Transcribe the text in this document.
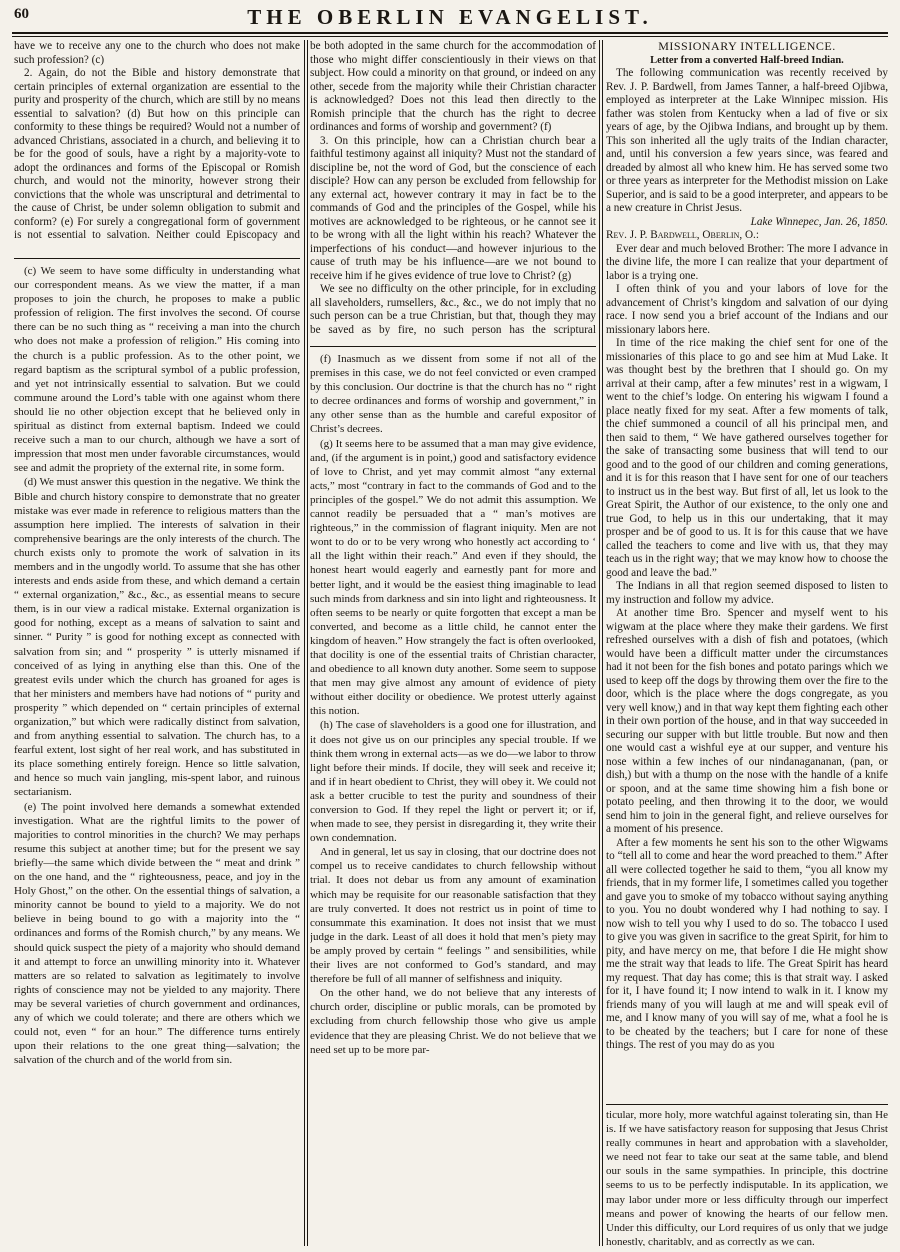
60	THE OBERLIN EVANGELIST.

have we to receive any one to the church who does not make such profession? (c)

2. Again, do not the Bible and history demonstrate that certain principles of external organization are essential to the purity and prosperity of the church, which are still by no means essential to salvation? (d) But how on this principle can conformity to these things be required? Would not a number of advanced Christians, associated in a church, and believing it to be for the good of souls, have a right by a majority-vote to adopt the ordinances and forms of the Episcopal or Romish church, and would not the minority, however strong their convictions that the whole was unscriptural and detrimental to the cause of Christ, be under solemn obligation to submit and conform? (e) For surely a congregational form of government is not essential to salvation. Neither could Episcopacy and

(c) We seem to have some difficulty in understanding what our correspondent means. As we view the matter, if a man proposes to join the church, he proposes to make a public profession of religion. The first involves the second. Of course there can be no such thing as “ receiving a man into the church who does not make a profession of religion.” His coming into the church is a public profession. As to the other point, we regard baptism as the scriptural symbol of a public profession, and yet not intrinsically essential to salvation. But we could commune around the Lord’s table with one against whom there should lie no other objection except that he believed only in spiritual as distinct from external baptism. Indeed we could receive such a man to our church, although we have a sort of impression that most men under favorable circumstances, would see and admit the propriety of the external rite, in some form.

(d) We must answer this question in the negative. We think the Bible and church history conspire to demonstrate that no greater mistake was ever made in reference to religious matters than the assumption here implied. The interests of salvation in their comprehensive bearings are the only interests of the church. The church exists only to promote the work of salvation in its members and in the ungodly world. To assume that she has other interests and ends aside from these, and which demand a certain “ external organization,” &c., &c., as essential means to secure them, is in our view a radical mistake. External organization is good for nothing, except as a means of salvation to saint and sinner. “ Purity ” is good for nothing except as connected with salvation from sin; and “ prosperity ” is utterly misnamed if conceived of as lying in anything else than this. One of the greatest evils under which the church has groaned for ages is that her ministers and members have had notions of “ purity and prosperity ” which depended on “ certain principles of external organization,” but which were radically distinct from salvation, and from anything essential to salvation. The church has, to a fearful extent, lost sight of her real work, and has substituted in its place something entirely foreign. Hence so little salvation, and hence so much vain jangling, mis-spent labor, and ruinous sectarianism.

(e) The point involved here demands a somewhat extended investigation. What are the rightful limits to the power of majorities to control minorities in the church? We may perhaps resume this subject at another time; but for the present we say briefly—the same which divide between the “ meat and drink ” on the one hand, and the “ righteousness, peace, and joy in the Holy Ghost,” on the other. On the essential things of salvation, a minority cannot be bound to yield to a majority. We do not believe in being bound to go with a majority into the “ ordinances and forms of the Romish church,” by any means. We should quick suspect the piety of a majority who should demand it and attempt to force an unwilling minority into it. Whatever matters are so related to salvation as legitimately to involve rights of conscience may not be yielded to any majority. There may be several varieties of church government and ordinances, any of which we could tolerate; and there are others which we could not, even “ for an hour.” The difference turns entirely upon their relations to the one great thing—salvation; the salvation of the church and of the world from sin.

be both adopted in the same church for the accommodation of those who might differ conscientiously in their views on that subject. How could a minority on that ground, or indeed on any other, secede from the majority while their Christian character is acknowledged? Does not this lead then directly to the Romish principle that the church has the right to decree ordinances and forms of worship and government? (f)

3. On this principle, how can a Christian church bear a faithful testimony against all iniquity? Must not the standard of discipline be, not the word of God, but the conscience of each disciple? How can any person be excluded from fellowship for any external act, however contrary it may in fact be to the commands of God and the principles of the Gospel, while his motives are acknowledged to be righteous, or he cannot see it to be wrong with all the light within his reach? Whatever the imperfections of his conduct—and however injurious to the cause of truth may be his influence—are we not bound to receive him if he gives evidence of true love to Christ? (g)

We see no difficulty on the other principle, for in excluding all slaveholders, rumsellers, &c., &c., we do not imply that no such person can be a true Christian, but that, though they may be saved as by fire, no such person has the scriptural

(f) Inasmuch as we dissent from some if not all of the premises in this case, we do not feel convicted or even cramped by this conclusion. Our doctrine is that the church has no “ right to decree ordinances and forms of worship and government,” in any other sense than as the humble and careful expositor of Christ’s decrees.

(g) It seems here to be assumed that a man may give evidence, and, (if the argument is in point,) good and satisfactory evidence of love to Christ, and yet may commit almost “any external acts,” most “contrary in fact to the commands of God and to the principles of the gospel.” We do not admit this assumption. We cannot readily be persuaded that a “ man’s motives are righteous,” in the commission of flagrant iniquity. Men are not wont to do or to be very wrong who honestly act according to ‘ all the light within their reach.” And even if they should, the honest heart would eagerly and earnestly pant for more and better light, and it would be the easiest thing imaginable to lead such minds from darkness and sin into light and righteousness. It often seems to be nearly or quite forgotten that except a man be converted, and become as a little child, he cannot enter the kingdom of heaven.” How strangely the fact is often overlooked, that docility is one of the essential traits of Christian character, and obedience to all known duty another. Some seem to suppose that men may give almost any amount of evidence of piety without either docility or obedience. We protest utterly against this notion.

(h) The case of slaveholders is a good one for illustration, and it does not give us on our principles any special trouble. If we think them wrong in external acts—as we do—we labor to throw light before their minds. If docile, they will seek and receive it; and if in heart obedient to Christ, they will obey it. We could not ask a better crucible to test the purity and soundness of their conversion to God. If they repel the light or pervert it; or if, when made to see, they persist in disregarding it, they write their own condemnation.

And in general, let us say in closing, that our doctrine does not compel us to receive candidates to church fellowship without trial. It does not debar us from any amount of examination which may be requisite for our reasonable satisfaction that they are truly converted. It does not restrict us in point of time to consummate this examination. It does not insist that we must judge in the dark. Least of all does it hold that men’s piety may be amply proved by certain “ feelings ” and sensibilities, while their lives are not conformed to God’s standard, and may therefore be full of all manner of selfishness and iniquity.

On the other hand, we do not believe that any interests of church order, discipline or public morals, can be promoted by excluding from church fellowship those who give us ample evidence that they are pleasing Christ. We do not believe that we need set up to be more par-

MISSIONARY INTELLIGENCE.

Letter from a converted Half-breed Indian.

The following communication was recently received by Rev. J. P. Bardwell, from James Tanner, a half-breed Ojibwa, employed as interpreter at the Lake Winnipec mission. His father was stolen from Kentucky when a lad of five or six years of age, by the Ojibwa Indians, and brought up by them. This son inherited all the ugly traits of the Indian character, and, until his conversion a few years since, was feared and dreaded by almost all who knew him. He has served some two or three years as interpreter for the Methodist mission on Lake Superior, and is said to be a good interpreter, and appears to be a new creature in Christ Jesus.

Lake Winnepec, Jan. 26, 1850.

Rev. J. P. Bardwell, Oberlin, O.:

Ever dear and much beloved Brother: The more I advance in the divine life, the more I can realize that your department of labor is a trying one.

I often think of you and your labors of love for the advancement of Christ’s kingdom and salvation of our dying race. I now send you a brief account of the Indians and our missionary labors here.

In time of the rice making the chief sent for one of the missionaries of this place to go and see him at Mud Lake. It was thought best by the brethren that I should go. On my arrival at their camp, after a few minutes’ rest in a wigwam, I went to the chief’s lodge. On entering his wigwam I found a place neatly fixed for my seat. After a few moments of talk, the chief summoned a council of all his principal men, and then said to them, “ We have gathered ourselves together for the sake of transacting some business that will tend to our good and to the good of our children and coming generations, and it is for this reason that I have sent for one of our teachers to instruct us in the best way. But first of all, let us look to the Great Spirit, the Author of our existence, to the only one and true God, to help us in this our undertaking, that it may prosper and be of good to us. It is for this cause that we have called the teachers to come and live with us, that they may teach us in the right way; that we may know how to choose the good and leave the bad.”

The Indians in all that region seemed disposed to listen to my instruction and follow my advice.

At another time Bro. Spencer and myself went to his wigwam at the place where they make their gardens. We first refreshed ourselves with a dish of fish and potatoes, (which would have been a difficult matter under the circumstances had it not been for the fish bones and potato parings which we used to keep off the dogs by throwing them over the fire to the door, which is the place where the dogs congregate, as you very well know,) and in that way kept them fighting each other in their own portion of the house, and in that way succeeded in securing our supper with but little trouble. But now and then one would cast a wishful eye at our supper, and venture his nose within a few inches of our nindanagananan, (pan, or dish,) but with a thump on the nose with the handle of a knife or spoon, and at the same time showing him a fish bone or potato peeling, and then throwing it to the door, we would send him to join in the general fight, and relieve ourselves for a moment of his presence.

After a few moments he sent his son to the other Wigwams to “tell all to come and hear the word preached to them.” After all were collected together he said to them, “you all know my friends, that in my former life, I sometimes called you together and gave you to smoke of my tobacco without saying anything to you. You no doubt wondered why I had nothing to say. I now wish to tell you why I used to do so. The tobacco I used to give you was given in sacrifice to the great Spirit, for him to pity, and have mercy on me, that before I die He might show me the strait way that leads to life. The Great Spirit has heard my request. That day has come; this is that strait way. I asked for it, I have found it; I now intend to walk in it. I know my friends many of you will laugh at me and will speak evil of me, and I know many of you will say of me, what a fool he is to be cheated by the teachers; but I care for none of these things. The rest of you may do as you

ticular, more holy, more watchful against tolerating sin, than He is. If we have satisfactory reason for supposing that Jesus Christ really communes in heart and approbation with a slaveholder, we need not fear to take our seat at the same table, and blend our souls in the same sympathies. In principle, this doctrine seems to us to be perfectly indisputable. In its application, we may labor under more or less difficulty through our imperfect means and power of knowing the hearts of our fellow men. Under this difficulty, our Lord requires of us only that we judge honestly, charitably, and as correctly as we can.
